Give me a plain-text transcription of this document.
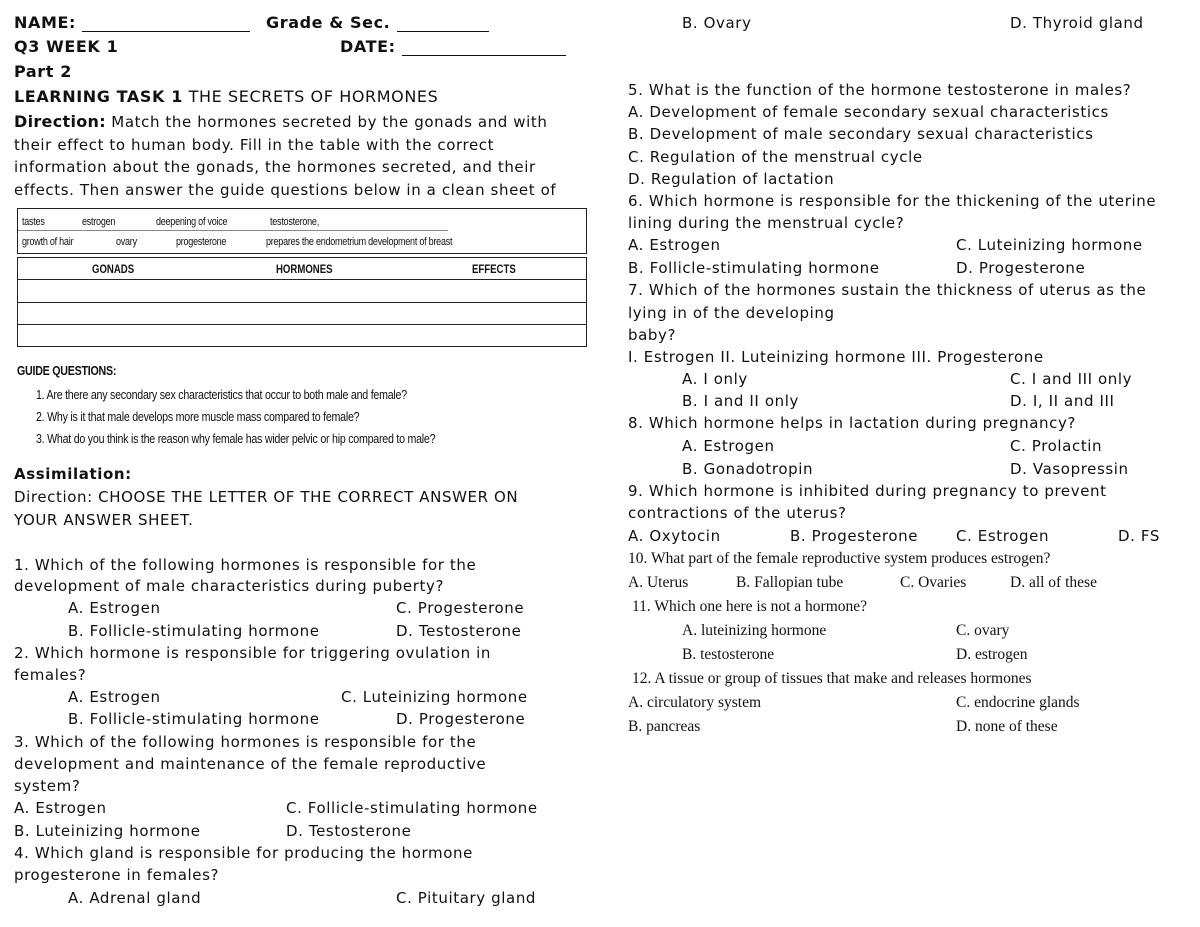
NAME:	Grade & Sec.
Q3 WEEK 1	DATE:
Part 2
LEARNING TASK 1 THE SECRETS OF HORMONES
Direction: Match the hormones secreted by the gonads and with
their effect to human body. Fill in the table with the correct
information about the gonads, the hormones secreted, and their
effects. Then answer the guide questions below in a clean sheet of
tastes	estrogen	deepening of voice	testosterone,
growth of hair	ovary	progesterone	prepares the endometrium development of breast
GONADS	HORMONES	EFFECTS
GUIDE QUESTIONS:
1. Are there any secondary sex characteristics that occur to both male and female?
2. Why is it that male develops more muscle mass compared to female?
3. What do you think is the reason why female has wider pelvic or hip compared to male?
Assimilation:
Direction: CHOOSE THE LETTER OF THE CORRECT ANSWER ON
YOUR ANSWER SHEET.
1. Which of the following hormones is responsible for the
development of male characteristics during puberty?
A. Estrogen	C. Progesterone
B. Follicle-stimulating hormone	D. Testosterone
2. Which hormone is responsible for triggering ovulation in
females?
A. Estrogen	C. Luteinizing hormone
B. Follicle-stimulating hormone	D. Progesterone
3. Which of the following hormones is responsible for the
development and maintenance of the female reproductive
system?
A. Estrogen	C. Follicle-stimulating hormone
B. Luteinizing hormone	D. Testosterone
4. Which gland is responsible for producing the hormone
progesterone in females?
A. Adrenal gland	C. Pituitary gland
B. Ovary	D. Thyroid gland
5. What is the function of the hormone testosterone in males?
A. Development of female secondary sexual characteristics
B. Development of male secondary sexual characteristics
C. Regulation of the menstrual cycle
D. Regulation of lactation
6. Which hormone is responsible for the thickening of the uterine
lining during the menstrual cycle?
A. Estrogen	C. Luteinizing hormone
B. Follicle-stimulating hormone	D. Progesterone
7. Which of the hormones sustain the thickness of uterus as the
lying in of the developing
baby?
I. Estrogen II. Luteinizing hormone III. Progesterone
A. I only	C. I and III only
B. I and II only	D. I, II and III
8. Which hormone helps in lactation during pregnancy?
A. Estrogen	C. Prolactin
B. Gonadotropin	D. Vasopressin
9. Which hormone is inhibited during pregnancy to prevent
contractions of the uterus?
A. Oxytocin	B. Progesterone	C. Estrogen	D. FS
10. What part of the female reproductive system produces estrogen?
A. Uterus	B. Fallopian tube	C. Ovaries	D. all of these
11. Which one here is not a hormone?
A. luteinizing hormone	C. ovary
B. testosterone	D. estrogen
12. A tissue or group of tissues that make and releases hormones
A. circulatory system	C. endocrine glands
B. pancreas	D. none of these
